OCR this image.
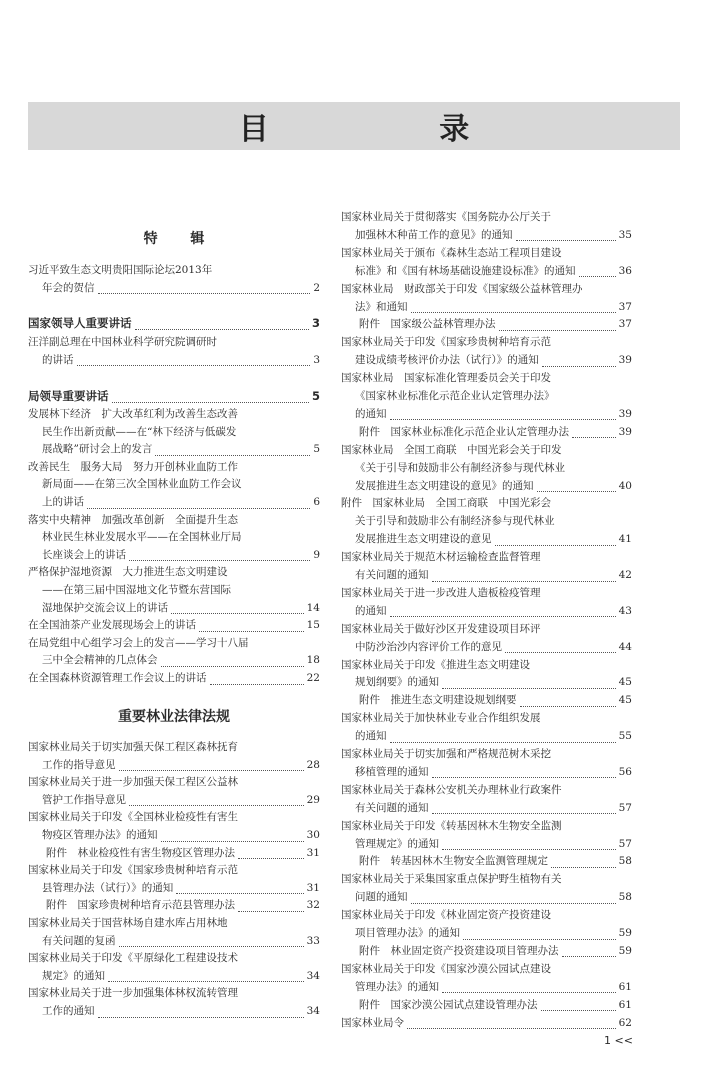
目 录
特 辑
习近平致生态文明贵阳国际论坛2013年
年会的贺信	2
国家领导人重要讲话	3
汪洋副总理在中国林业科学研究院调研时
的讲话	3
局领导重要讲话	5
发展林下经济　扩大改革红利为改善生态改善
民生作出新贡献——在“林下经济与低碳发
展战略”研讨会上的发言	5
改善民生　服务大局　努力开创林业血防工作
新局面——在第三次全国林业血防工作会议
上的讲话	6
落实中央精神　加强改革创新　全面提升生态
林业民生林业发展水平——在全国林业厅局
长座谈会上的讲话	9
严格保护湿地资源　大力推进生态文明建设
——在第三届中国湿地文化节暨东营国际
湿地保护交流会议上的讲话	14
在全国油茶产业发展现场会上的讲话	15
在局党组中心组学习会上的发言——学习十八届
三中全会精神的几点体会	18
在全国森林资源管理工作会议上的讲话	22
重要林业法律法规
国家林业局关于切实加强天保工程区森林抚育
工作的指导意见	28
国家林业局关于进一步加强天保工程区公益林
管护工作指导意见	29
国家林业局关于印发《全国林业检疫性有害生
物疫区管理办法》的通知	30
附件　林业检疫性有害生物疫区管理办法	31
国家林业局关于印发《国家珍贵树种培育示范
县管理办法（试行）》的通知	31
附件　国家珍贵树种培育示范县管理办法	32
国家林业局关于国营林场自建水库占用林地
有关问题的复函	33
国家林业局关于印发《平原绿化工程建设技术
规定》的通知	34
国家林业局关于进一步加强集体林权流转管理
工作的通知	34
国家林业局关于贯彻落实《国务院办公厅关于
加强林木种苗工作的意见》的通知	35
国家林业局关于颁布《森林生态站工程项目建设
标准》和《国有林场基础设施建设标准》的通知	36
国家林业局　财政部关于印发《国家级公益林管理办
法》和通知	37
附件　国家级公益林管理办法	37
国家林业局关于印发《国家珍贵树种培育示范
建设成绩考核评价办法（试行）》的通知	39
国家林业局　国家标准化管理委员会关于印发
《国家林业标准化示范企业认定管理办法》
的通知	39
附件　国家林业标准化示范企业认定管理办法	39
国家林业局　全国工商联　中国光彩会关于印发
《关于引导和鼓励非公有制经济参与现代林业
发展推进生态文明建设的意见》的通知	40
附件　国家林业局　全国工商联　中国光彩会
关于引导和鼓励非公有制经济参与现代林业
发展推进生态文明建设的意见	41
国家林业局关于规范木材运输检查监督管理
有关问题的通知	42
国家林业局关于进一步改进人造板检疫管理
的通知	43
国家林业局关于做好沙区开发建设项目环评
中防沙治沙内容评价工作的意见	44
国家林业局关于印发《推进生态文明建设
规划纲要》的通知	45
附件　推进生态文明建设规划纲要	45
国家林业局关于加快林业专业合作组织发展
的通知	55
国家林业局关于切实加强和严格规范树木采挖
移植管理的通知	56
国家林业局关于森林公安机关办理林业行政案件
有关问题的通知	57
国家林业局关于印发《转基因林木生物安全监测
管理规定》的通知	57
附件　转基因林木生物安全监测管理规定	58
国家林业局关于采集国家重点保护野生植物有关
问题的通知	58
国家林业局关于印发《林业固定资产投资建设
项目管理办法》的通知	59
附件　林业固定资产投资建设项目管理办法	59
国家林业局关于印发《国家沙漠公园试点建设
管理办法》的通知	61
附件　国家沙漠公园试点建设管理办法	61
国家林业局令	62
1 <<
